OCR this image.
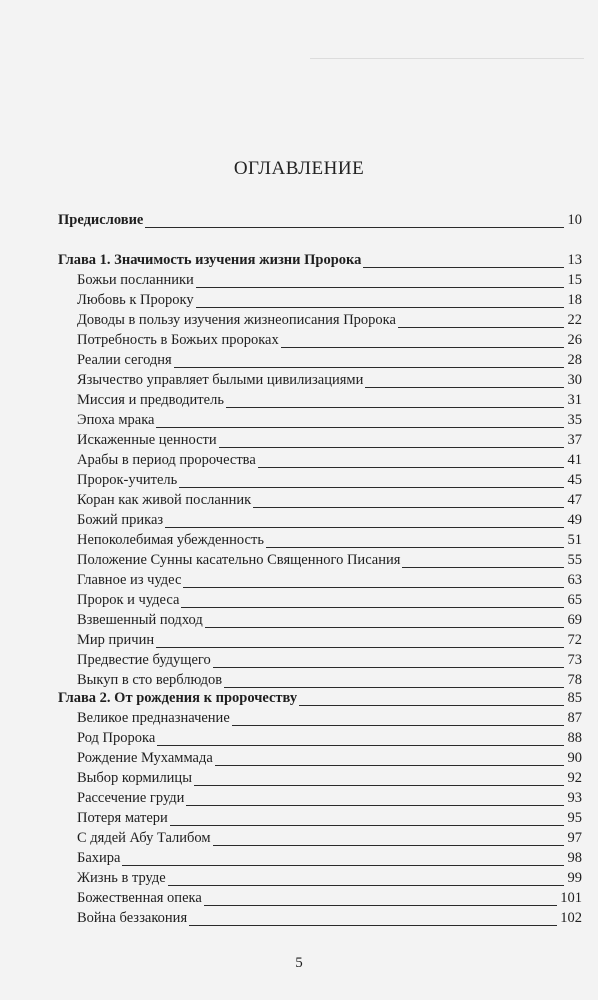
ОГЛАВЛЕНИЕ
Предисловие	10
Глава 1. Значимость изучения жизни Пророка	13
Божьи посланники	15
Любовь к Пророку	18
Доводы в пользу изучения жизнеописания Пророка	22
Потребность в Божьих пророках	26
Реалии сегодня	28
Язычество управляет былыми цивилизациями	30
Миссия и предводитель	31
Эпоха мрака	35
Искаженные ценности	37
Арабы в период пророчества	41
Пророк-учитель	45
Коран как живой посланник	47
Божий приказ	49
Непоколебимая убежденность	51
Положение Сунны касательно Священного Писания	55
Главное из чудес	63
Пророк и чудеса	65
Взвешенный подход	69
Мир причин	72
Предвестие будущего	73
Выкуп в сто верблюдов	78
Глава 2. От рождения к пророчеству	85
Великое предназначение	87
Род Пророка	88
Рождение Мухаммада	90
Выбор кормилицы	92
Рассечение груди	93
Потеря матери	95
С дядей Абу Талибом	97
Бахира	98
Жизнь в труде	99
Божественная опека	101
Война беззакония	102
5
